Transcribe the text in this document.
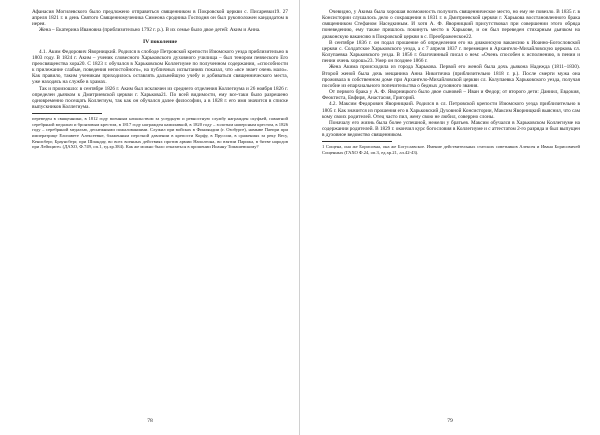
Афанасия Могилевского было предложено отправиться священником в Покровской церкви с. Писаревки19. 27 апреля 1821 г. в день Святого Священномученика Симеона сродника Господня он был рукоположен кандидатом в иерея.

Жена – Екатерина Ивановна (приблизительно 1792 г. р.). В их семье было двое детей: Аким и Анна.

IV поколение

4.1. Аким Федорович Яворницкий. Родился в слободе Петровской крепости Изюмского уезда приблизительно в 1803 году. В 1824 г. Аким – ученик словесного Харьковского духовного училища – был тенором певческого Его преосвященства хора20. С 1823 г. обучался в Харьковском Коллегиуме по полученном содержании, «способности к прилежание слабые, поведения непостойного», на публичных испытаниях показал, что «все знает очень мало». Как правило, таким ученикам приходилось оставлять дальнейшую учебу и добиваться священнического места, уже находясь на службе в храмах.

Так и произошло: в сентябре 1826 г. Аким был исключен из среднего отделения Коллегиума и 26 ноября 1826 г. определен дьячком к Дмитриевской церкви г. Харькова21. По всей видимости, ему все-таки было разрешено одновременно посещать Коллегиум, так как он обучался далее философии, а в 1828 г. его имя значится в списке выпускников Коллегиума.

переведен в священники, в 1812 году военным начальством за усердную и ревностную службу награжден скуфьей, памятной серебряной медалью и бронзовым крестом, в 1817 году награжден камилавкой, в 1820 году – золотым наперсным крестом, в 1826 году – серебряной медалью, деснежными пожалованиями. Служил при войсках в Финляндии (г. Озобурге), намыве Паепри при императрице Елизавете Алексеевне, блаженным перстной давлении в крепости Корфу, в Пруссии, в сражениях за реку Весу, Кенисберг, Браунсберг, при Шпандау, во всех военных действиях против армии Наполеона, во взятии Парижа, в битве народов при Лейпциге» (ДАХО, Ф.749, оп.1, ед.хр.384). Как же можно было отказаться в прошении Иоанну Томашевскому?

78

Очевидно, у Акима была хорошая возможность получить священническое место, но ему не повезло. В 1835 г. в Консистории слушалось дело о сокращении в 1831 г. в Дмитриевской церкви г. Харькова восстановленного брака священником Стефаном Наседкиным. И хотя А. Ф. Яворницкий присутствовал при совершении этого обряда поневедению, ему также пришлось покинуть место в Харькове, и он был переведен стихарным дьячком на диаконскую вакансию в Покровской церкви в с. Преображенское22.

В сентябре 1836 г. он подал прошение об определении его на диаконскую вакансию к Иоанно-Богословской церкви с. Солдатское Харьковского уезда, а с 7 апреля 1837 г. перемещен в Архангело-Михайловскую церковь сл. Колупаевка Харьковского уезда. В 1856 г. благочинный писал о нем: «Очень способен к исполнению, в пении и пении очень хорош»23. Умер он позднее 1866 г.

Жена Акима происходила из города Харькова. Первой его женой была дочь дьякона Надежда (1811–1830). Второй женой была дочь мещанина Анна Никитична (приблизительно 1818 г. р.). После смерти мужа она проживала в собственном доме при Архангело-Михайловской церкви сл. Колупаевка Харьковского уезда, получая пособие из епархиального попечительства о бедных духовного звания.

От первого брака у А. Ф. Яворницкого было двое сыновей – Иван и Федор; от второго дети: Даниил, Евдокия, Феоктиста, Евфиря, Анастасия, Григорий.

4.2. Максим Федорович Яворницкий. Родился в сл. Петровской крепости Изюмского уезда приблизительно в 1805 г. Как значится из прошения его в Харьковский Духовной Консистории, Максим Яворницкий выяснил, что сам кому своих родителей. Отец часто пил, жену свою не любил, соверрно слоны.

Поначалу его жизнь была более успешной, нежели у братьев. Максим обучался в Харьковском Коллегиуме на содержании родителей. В 1829 г. окончил курс богословия в Коллегиуме и с аттестатом 2-го разряда и был выпущен в духовное ведомство священником.

1 Сощена, она же Борисовна, она же Богуславское. Имение действительных статских советников Алексея и Иванa Борисовичей Сощенных (ГАХО Ф.24, оп.3, ед.хр.21, лл.42-43).

79
